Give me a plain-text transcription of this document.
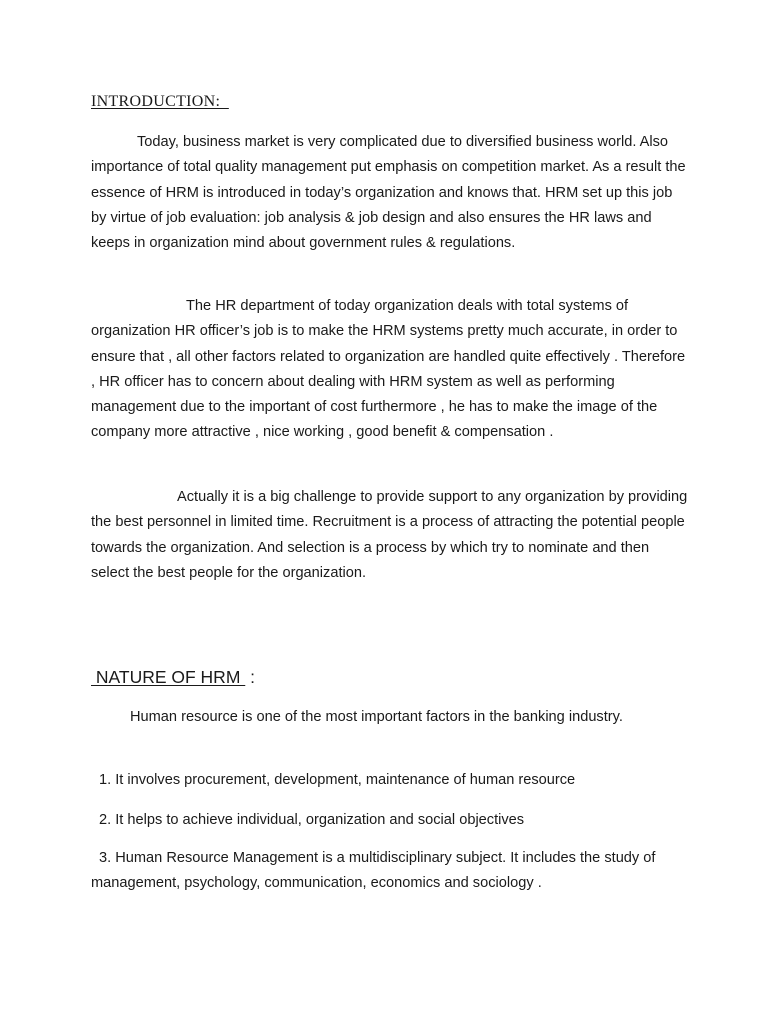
INTRODUCTION:

Today, business market is very complicated due to diversified business world. Also importance of total quality management put emphasis on competition market. As a result the essence of HRM is introduced in today’s organization and knows that. HRM set up this job by virtue of job evaluation: job analysis & job design and also ensures the HR laws and keeps in organization mind about government rules & regulations.

The HR department of today organization deals with total systems of organization HR officer’s job is to make the HRM systems pretty much accurate, in order to ensure that , all other factors related to organization are handled quite effectively . Therefore , HR officer has to concern about dealing with HRM system as well as performing management due to the important of cost furthermore , he has to make the image of the company more attractive , nice working , good benefit & compensation .

Actually it is a big challenge to provide support to any organization by providing the best personnel in limited time. Recruitment is a process of attracting the potential people towards the organization. And selection is a process by which try to nominate and then select the best people for the organization.

NATURE OF HRM  :

Human resource is one of the most important factors in the banking industry.

1. It involves procurement, development, maintenance of human resource

2. It helps to achieve individual, organization and social objectives

3. Human Resource Management is a multidisciplinary subject. It includes the study of management, psychology, communication, economics and sociology .
